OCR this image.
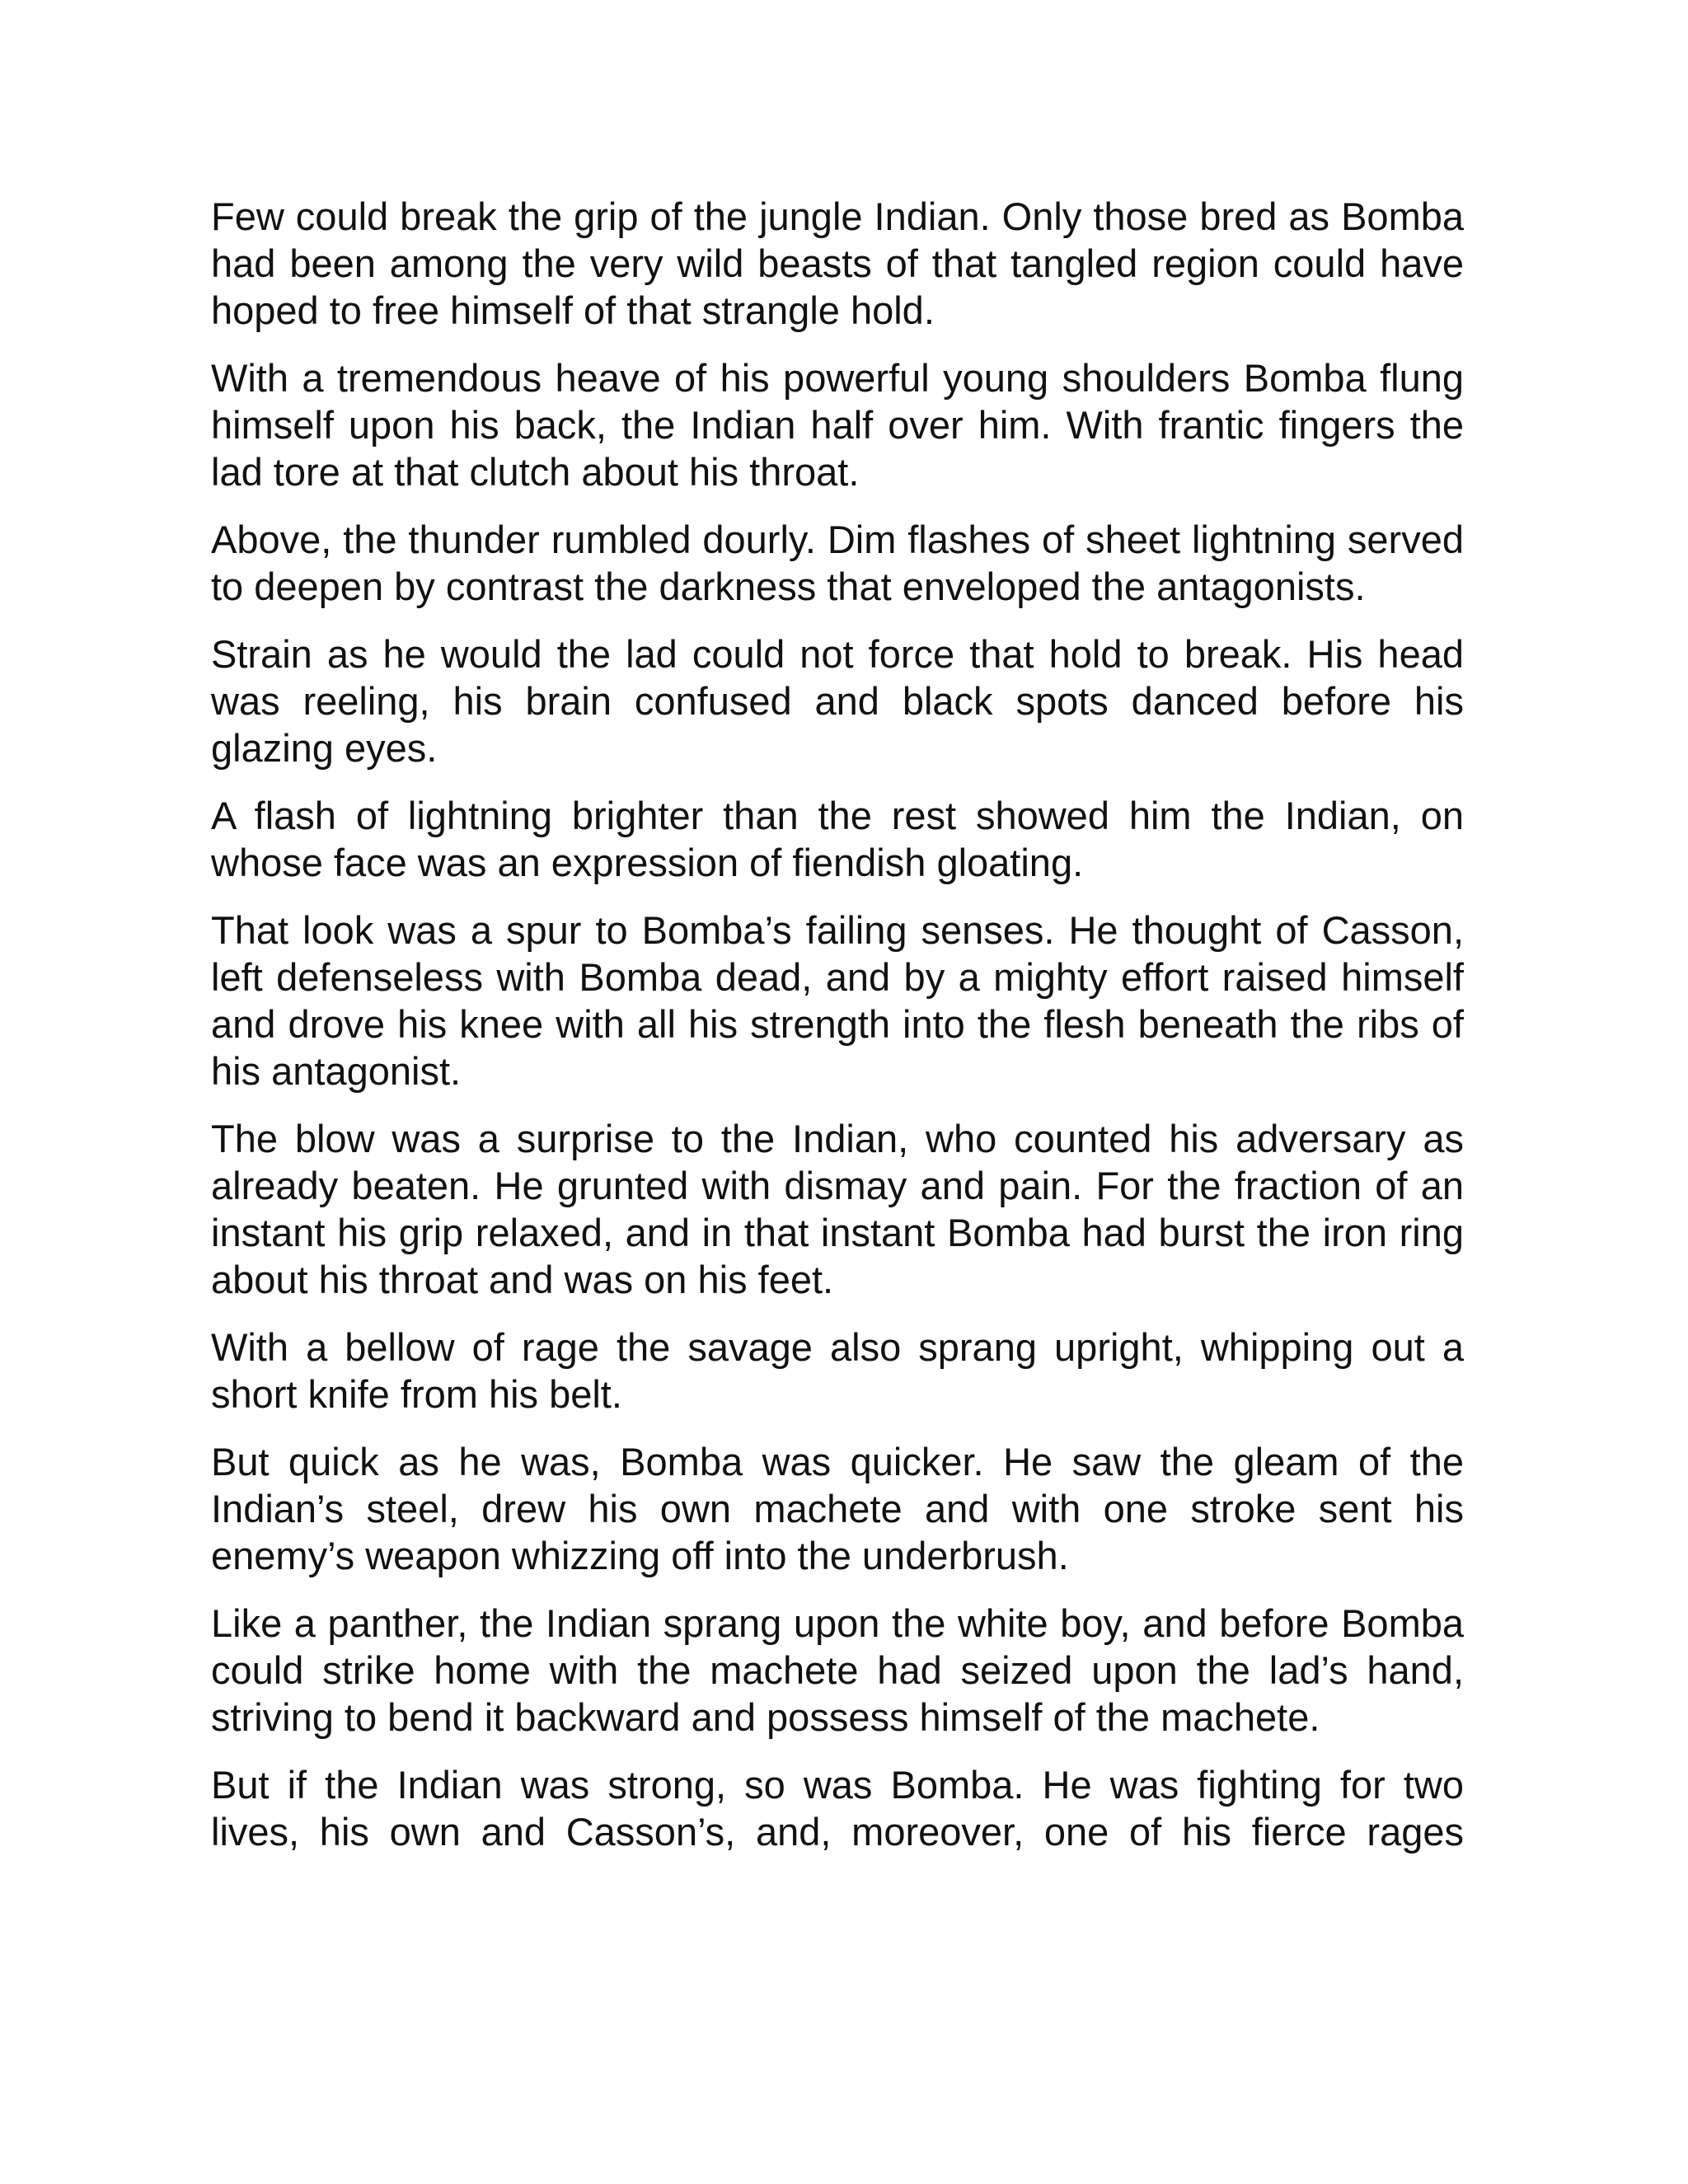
Few could break the grip of the jungle Indian. Only those bred as Bomba had been among the very wild beasts of that tangled region could have hoped to free himself of that strangle hold.

With a tremendous heave of his powerful young shoulders Bomba flung himself upon his back, the Indian half over him. With frantic fingers the lad tore at that clutch about his throat.

Above, the thunder rumbled dourly. Dim flashes of sheet lightning served to deepen by contrast the darkness that enveloped the antagonists.

Strain as he would the lad could not force that hold to break. His head was reeling, his brain confused and black spots danced before his glazing eyes.

A flash of lightning brighter than the rest showed him the Indian, on whose face was an expression of fiendish gloating.

That look was a spur to Bomba’s failing senses. He thought of Casson, left defenseless with Bomba dead, and by a mighty effort raised himself and drove his knee with all his strength into the flesh beneath the ribs of his antagonist.

The blow was a surprise to the Indian, who counted his adversary as already beaten. He grunted with dismay and pain. For the fraction of an instant his grip relaxed, and in that instant Bomba had burst the iron ring about his throat and was on his feet.

With a bellow of rage the savage also sprang upright, whipping out a short knife from his belt.

But quick as he was, Bomba was quicker. He saw the gleam of the Indian’s steel, drew his own machete and with one stroke sent his enemy’s weapon whizzing off into the underbrush.

Like a panther, the Indian sprang upon the white boy, and before Bomba could strike home with the machete had seized upon the lad’s hand, striving to bend it backward and possess himself of the machete.

But if the Indian was strong, so was Bomba. He was fighting for two lives, his own and Casson’s, and, moreover, one of his fierce rages
